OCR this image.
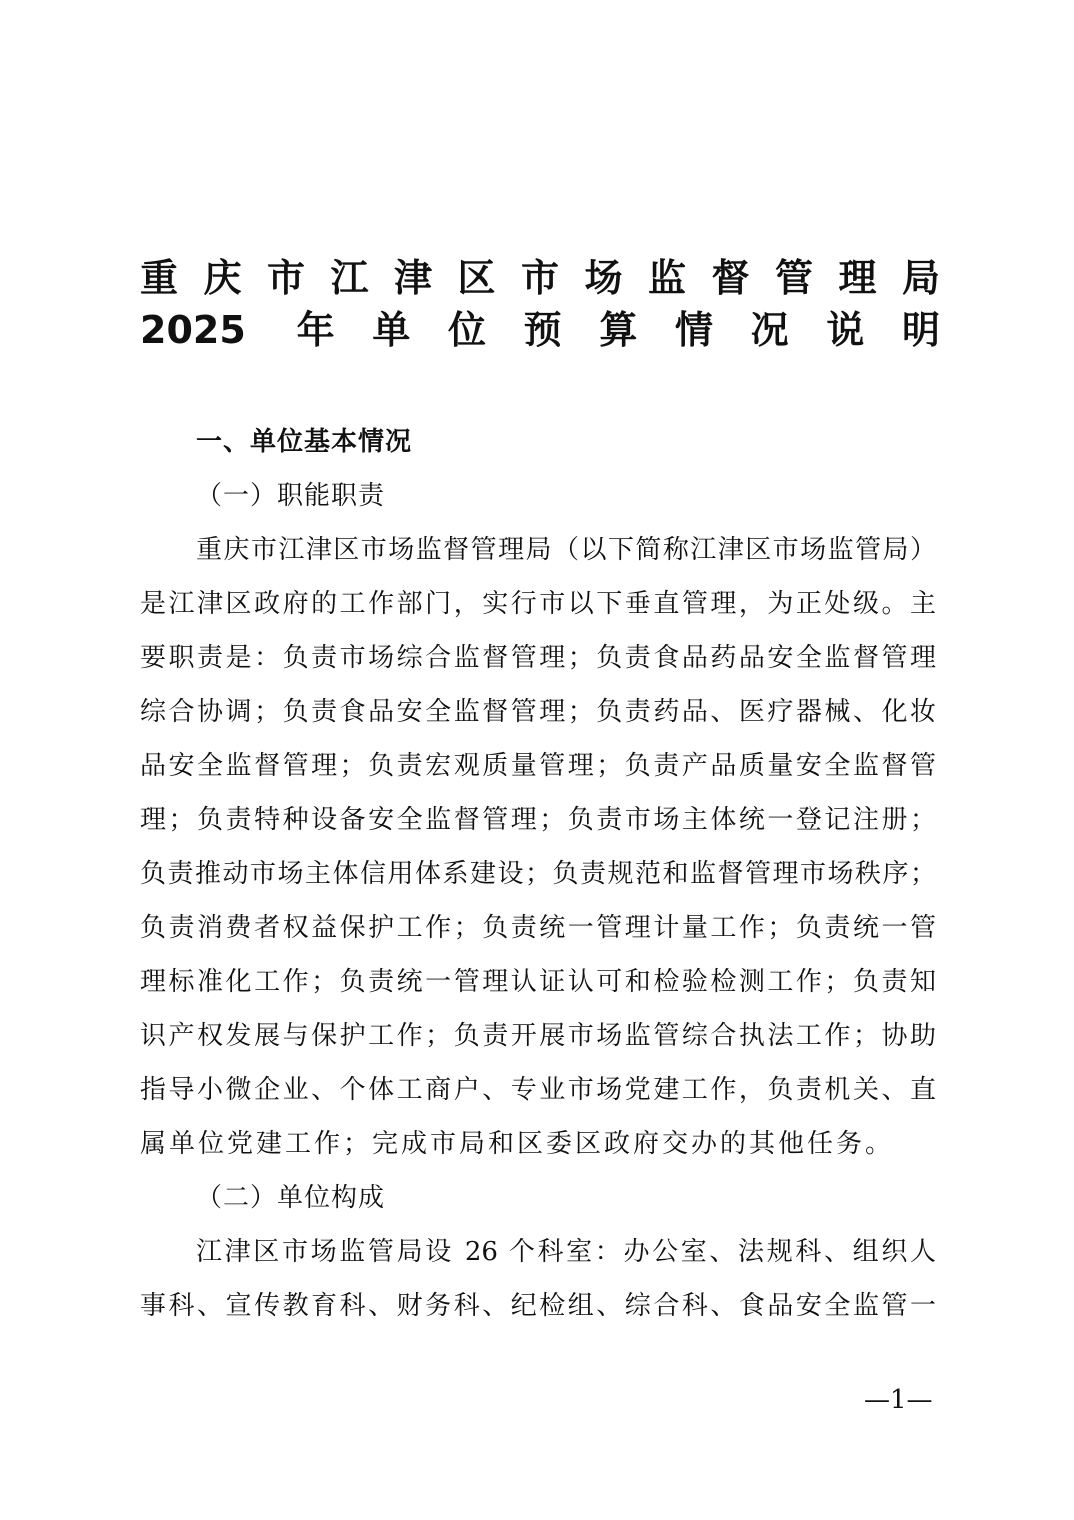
重庆市江津区市场监督管理局
2025 年单位预算情况说明
一、单位基本情况
（一）职能职责
重庆市江津区市场监督管理局（以下简称江津区市场监管局）
是江津区政府的工作部门，实行市以下垂直管理，为正处级。主
要职责是：负责市场综合监督管理；负责食品药品安全监督管理
综合协调；负责食品安全监督管理；负责药品、医疗器械、化妆
品安全监督管理；负责宏观质量管理；负责产品质量安全监督管
理；负责特种设备安全监督管理；负责市场主体统一登记注册；
负责推动市场主体信用体系建设；负责规范和监督管理市场秩序；
负责消费者权益保护工作；负责统一管理计量工作；负责统一管
理标准化工作；负责统一管理认证认可和检验检测工作；负责知
识产权发展与保护工作；负责开展市场监管综合执法工作；协助
指导小微企业、个体工商户、专业市场党建工作，负责机关、直
属单位党建工作；完成市局和区委区政府交办的其他任务。
（二）单位构成
江津区市场监管局设 26 个科室：办公室、法规科、组织人
事科、宣传教育科、财务科、纪检组、综合科、食品安全监管一
—1—
